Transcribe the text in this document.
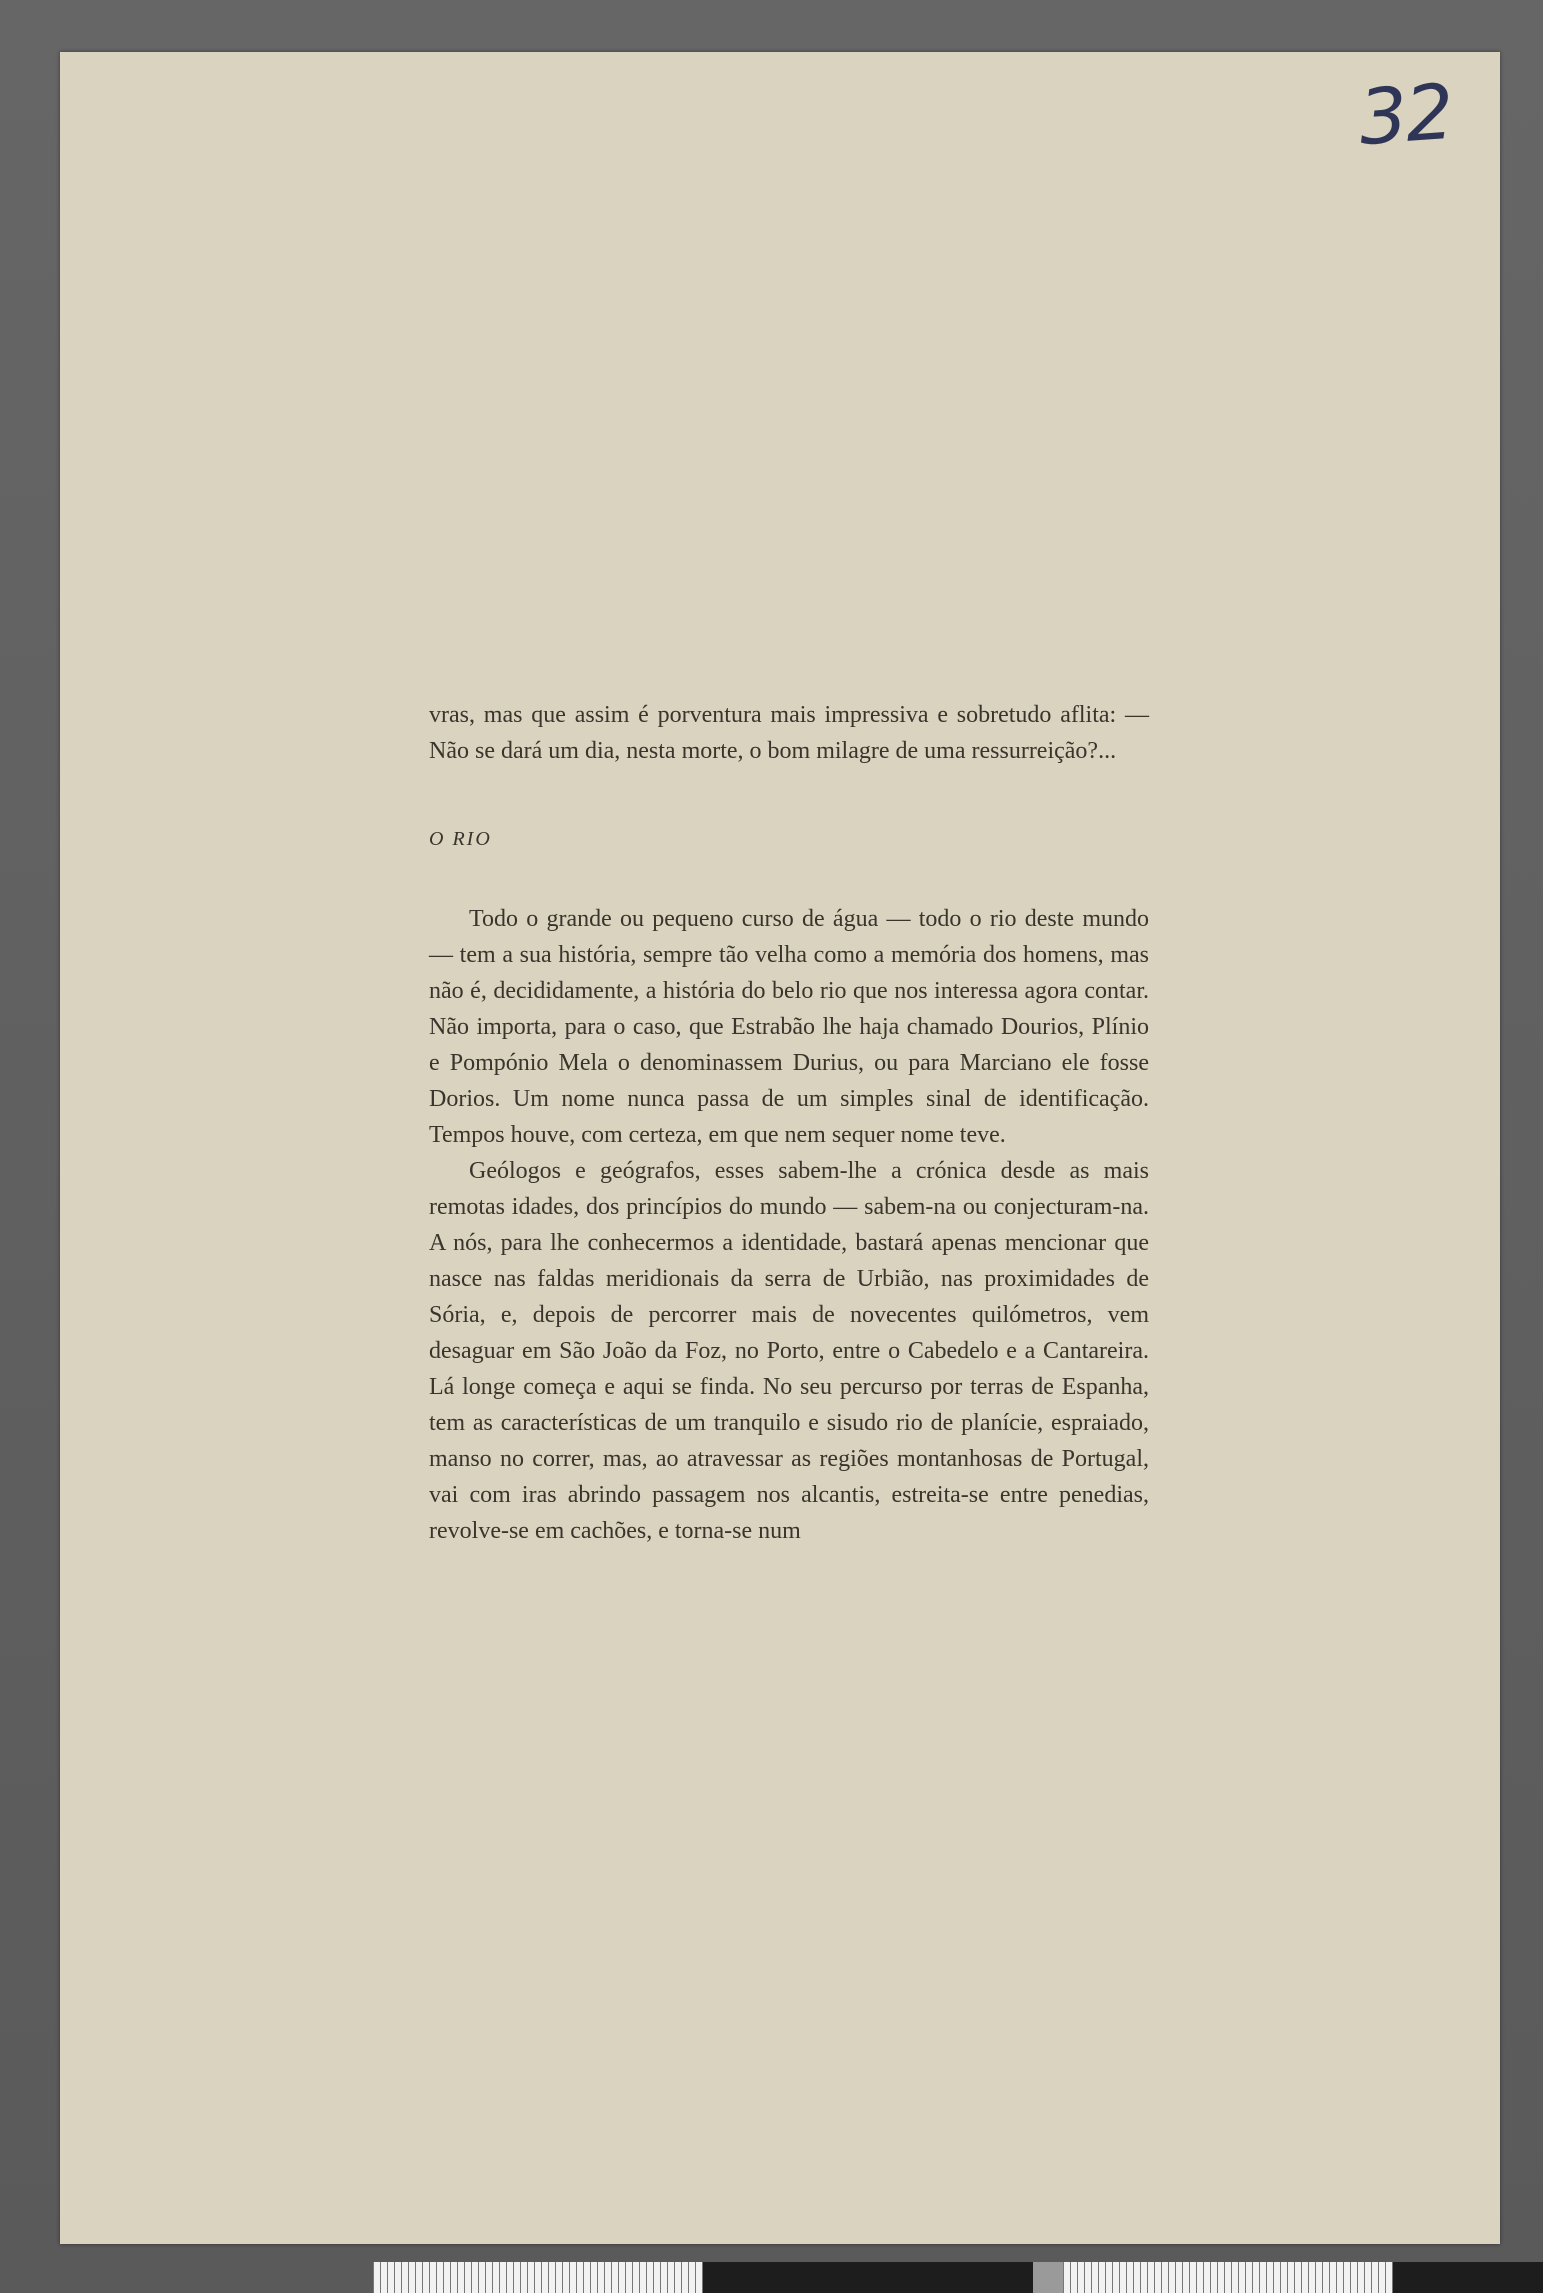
32

vras, mas que assim é porventura mais impressiva e sobretudo aflita: — Não se dará um dia, nesta morte, o bom milagre de uma ressurreição?...

O RIO

Todo o grande ou pequeno curso de água — todo o rio deste mundo — tem a sua história, sempre tão velha como a memória dos homens, mas não é, decididamente, a história do belo rio que nos interessa agora contar. Não importa, para o caso, que Estrabão lhe haja chamado Dourios, Plínio e Pompónio Mela o denominassem Durius, ou para Marciano ele fosse Dorios. Um nome nunca passa de um simples sinal de identificação. Tempos houve, com certeza, em que nem sequer nome teve.

Geólogos e geógrafos, esses sabem-lhe a crónica desde as mais remotas idades, dos princípios do mundo — sabem-na ou conjecturam-na. A nós, para lhe conhecermos a identidade, bastará apenas mencionar que nasce nas faldas meridionais da serra de Urbião, nas proximidades de Sória, e, depois de percorrer mais de novecentes quilómetros, vem desaguar em São João da Foz, no Porto, entre o Cabedelo e a Cantareira. Lá longe começa e aqui se finda. No seu percurso por terras de Espanha, tem as características de um tranquilo e sisudo rio de planície, espraiado, manso no correr, mas, ao atravessar as regiões montanhosas de Portugal, vai com iras abrindo passagem nos alcantis, estreita-se entre penedias, revolve-se em cachões, e torna-se num
